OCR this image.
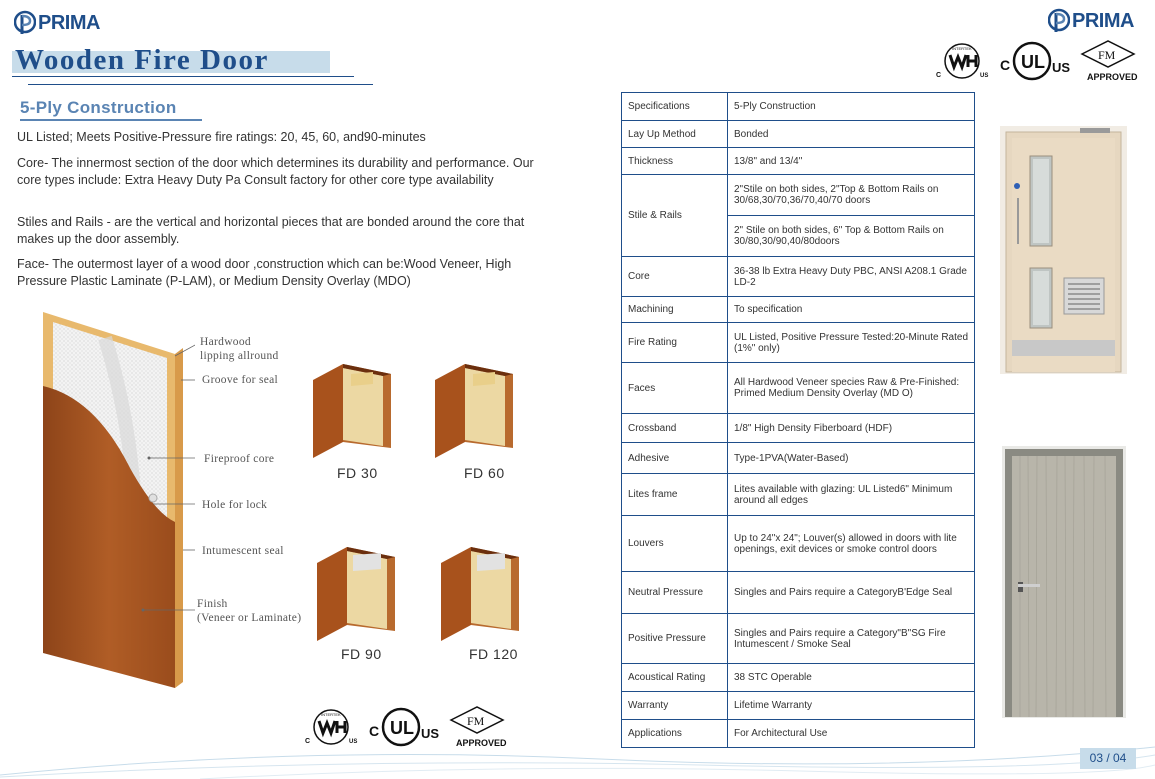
PRIMA	PRIMA
Wooden Fire Door
5-Ply Construction

UL Listed; Meets Positive-Pressure fire ratings: 20, 45, 60, and90-minutes

Core- The innermost section of the door which determines its durability and performance. Our core types include: Extra Heavy Duty Pa Consult factory for other core type availability

Stiles and Rails - are the vertical and horizontal pieces that are bonded around the core that makes up the door assembly.

Face- The outermost layer of a wood door ,construction which can be:Wood Veneer, High Pressure Plastic Laminate (P-LAM), or Medium Density Overlay (MDO)

Hardwood
lipping allround
Groove for seal
Fireproof core
Hole for lock
Intumescent seal
Finish
(Veneer or Laminate)
FD 30	FD 60
FD 90	FD 120
INTERTEK
C	US
C UL US
FM
APPROVED
INTERTEK
C	US
C UL US
FM
APPROVED
Specifications	5-Ply Construction
Lay Up Method	Bonded
Thickness	13/8" and 13/4"
Stile & Rails	2"Stile on both sides, 2"Top & Bottom Rails on 30/68,30/70,36/70,40/70 doors
	2" Stile on both sides, 6" Top & Bottom Rails on 30/80,30/90,40/80doors
Core	36-38 lb Extra Heavy Duty PBC, ANSI A208.1 Grade LD-2
Machining	To specification
Fire Rating	UL Listed, Positive Pressure Tested:20-Minute Rated (1%" only)
Faces	All Hardwood Veneer species Raw & Pre-Finished:
Primed Medium Density Overlay (MD O)
Crossband	1/8" High Density Fiberboard (HDF)
Adhesive	Type-1PVA(Water-Based)
Lites frame	Lites available with glazing: UL Listed6" Minimum around all edges
Louvers	Up to 24"x 24"; Louver(s) allowed in doors with lite openings, exit devices or smoke control doors
Neutral Pressure	Singles and Pairs require a CategoryB'Edge Seal
Positive Pressure	Singles and Pairs require a Category"B"SG Fire Intumescent / Smoke Seal
Acoustical Rating	38 STC Operable
Warranty	Lifetime Warranty
Applications	For Architectural Use
03 / 04
